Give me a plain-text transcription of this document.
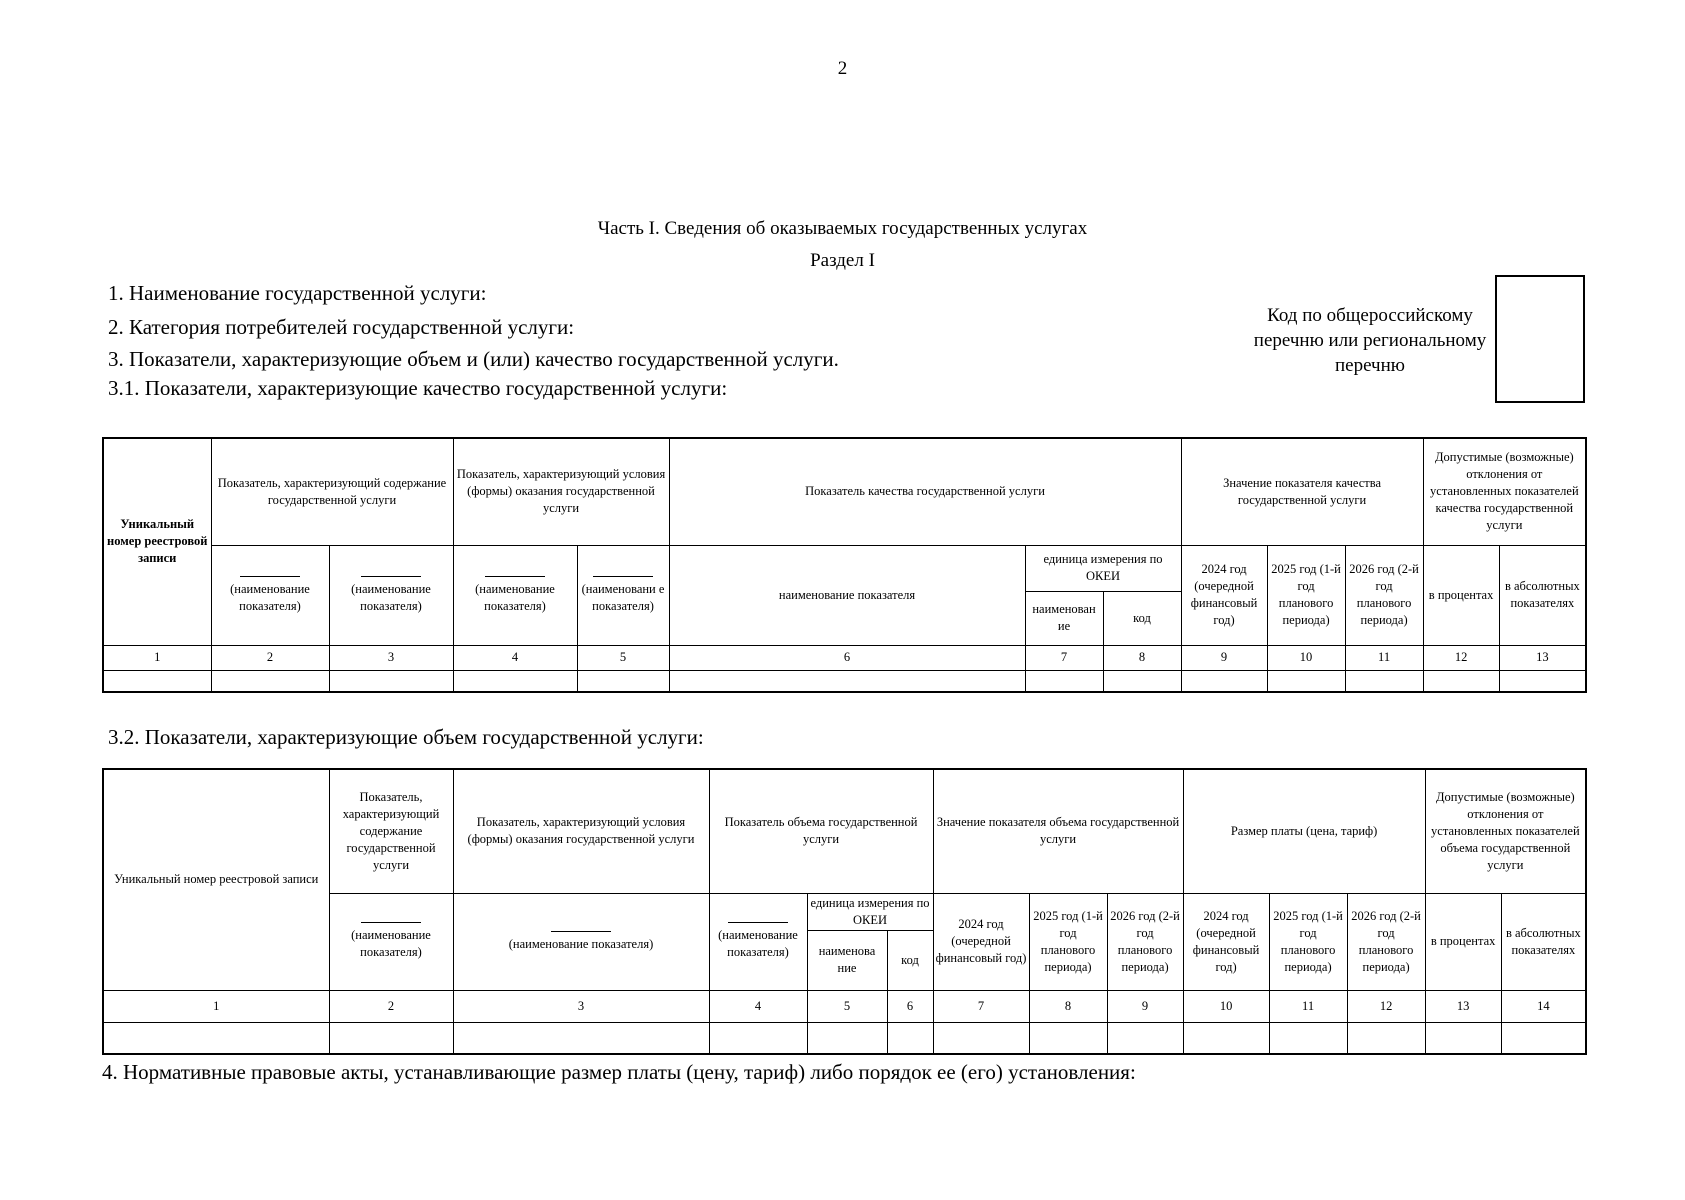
2
Часть I. Сведения об оказываемых государственных услугах
Раздел I
1. Наименование государственной услуги:
2. Категория потребителей государственной услуги:
3. Показатели, характеризующие объем и (или) качество государственной услуги.
3.1. Показатели, характеризующие качество государственной услуги:
Код по общероссийскому перечню или региональному перечню
Уникальный номер реестровой записи	Показатель, характеризующий содержание государственной услуги		Показатель, характеризующий условия (формы) оказания государственной услуги		Показатель качества государственной услуги			Значение показателя качества государственной услуги			Допустимые (возможные) отклонения от установленных показателей качества государственной услуги	

(наименование показателя)	(наименование показателя)	(наименование показателя)	(наименовани е показателя)	наименование показателя	единица измерения по ОКЕИ		2024 год (очередной финансовый год)	2025 год (1-й год планового периода)	2026 год (2-й год планового периода)	в процентах	в абсолютных показателях
						наименован ие	код					
1	2	3	4	5	6	7	8	9	10	11	12	13

3.2. Показатели, характеризующие объем государственной услуги:
Уникальный номер реестровой записи	Показатель, характеризующий содержание государственной услуги	Показатель, характеризующий условия (формы) оказания государственной услуги	Показатель объема государственной услуги			Значение показателя объема государственной услуги			Размер платы (цена, тариф)			Допустимые (возможные) отклонения от установленных показателей объема государственной услуги	

(наименование показателя)	(наименование показателя)	(наименование показателя)	единица измерения по ОКЕИ		2024 год (очередной финансовый год)	2025 год (1-й год планового периода)	2026 год (2-й год планового периода)	2024 год (очередной финансовый год)	2025 год (1-й год планового периода)	2026 год (2-й год планового периода)	в процентах	в абсолютных показателях
				наименова ние	код								
1	2	3	4	5	6	7	8	9	10	11	12	13	14

4. Нормативные правовые акты, устанавливающие размер платы (цену, тариф) либо порядок ее (его) установления:
